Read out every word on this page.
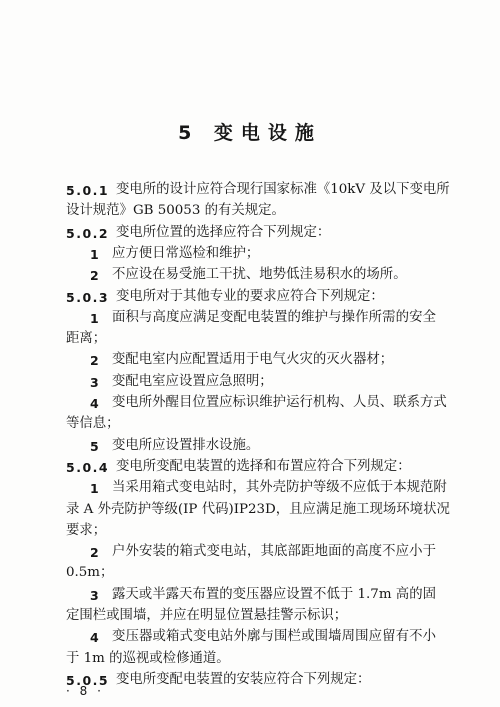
5 变电设施
5.0.1 变电所的设计应符合现行国家标准《10kV 及以下变电所
设计规范》GB 50053 的有关规定。
5.0.2 变电所位置的选择应符合下列规定：
1 应方便日常巡检和维护；
2 不应设在易受施工干扰、地势低洼易积水的场所。
5.0.3 变电所对于其他专业的要求应符合下列规定：
1 面积与高度应满足变配电装置的维护与操作所需的安全
距离；
2 变配电室内应配置适用于电气火灾的灭火器材；
3 变配电室应设置应急照明；
4 变电所外醒目位置应标识维护运行机构、人员、联系方式
等信息；
5 变电所应设置排水设施。
5.0.4 变电所变配电装置的选择和布置应符合下列规定：
1 当采用箱式变电站时，其外壳防护等级不应低于本规范附
录 A 外壳防护等级(IP 代码)IP23D，且应满足施工现场环境状况
要求；
2 户外安装的箱式变电站，其底部距地面的高度不应小于
0.5m；
3 露天或半露天布置的变压器应设置不低于 1.7m 高的固
定围栏或围墙，并应在明显位置悬挂警示标识；
4 变压器或箱式变电站外廓与围栏或围墙周围应留有不小
于 1m 的巡视或检修通道。
5.0.5 变电所变配电装置的安装应符合下列规定：
· 8 ·
